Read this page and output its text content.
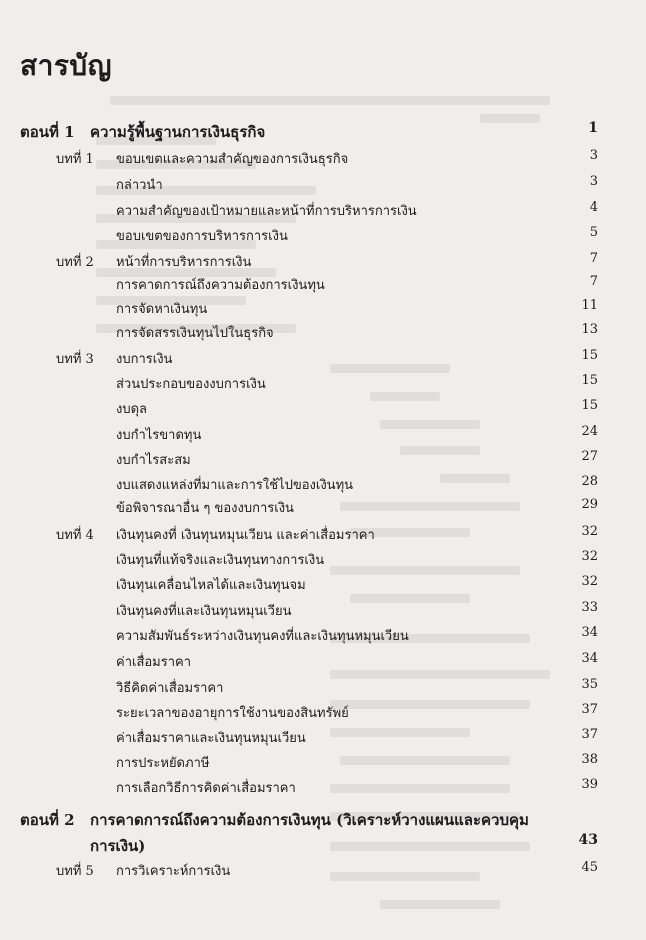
สารบัญ
ตอนที่ 1 ความรู้พื้นฐานการเงินธุรกิจ	1
บทที่ 1 ขอบเขตและความสำคัญของการเงินธุรกิจ	3
กล่าวนำ	3
ความสำคัญของเป้าหมายและหน้าที่การบริหารการเงิน	4
ขอบเขตของการบริหารการเงิน	5
บทที่ 2 หน้าที่การบริหารการเงิน	7
การคาดการณ์ถึงความต้องการเงินทุน	7
การจัดหาเงินทุน	11
การจัดสรรเงินทุนไปในธุรกิจ	13
บทที่ 3 งบการเงิน	15
ส่วนประกอบของงบการเงิน	15
งบดุล	15
งบกำไรขาดทุน	24
งบกำไรสะสม	27
งบแสดงแหล่งที่มาและการใช้ไปของเงินทุน	28
ข้อพิจารณาอื่น ๆ ของงบการเงิน	29
บทที่ 4 เงินทุนคงที่ เงินทุนหมุนเวียน และค่าเสื่อมราคา	32
เงินทุนที่แท้จริงและเงินทุนทางการเงิน	32
เงินทุนเคลื่อนไหลได้และเงินทุนจม	32
เงินทุนคงที่และเงินทุนหมุนเวียน	33
ความสัมพันธ์ระหว่างเงินทุนคงที่และเงินทุนหมุนเวียน	34
ค่าเสื่อมราคา	34
วิธีคิดค่าเสื่อมราคา	35
ระยะเวลาของอายุการใช้งานของสินทรัพย์	37
ค่าเสื่อมราคาและเงินทุนหมุนเวียน	37
การประหยัดภาษี	38
การเลือกวิธีการคิดค่าเสื่อมราคา	39
ตอนที่ 2 การคาดการณ์ถึงความต้องการเงินทุน (วิเคราะห์วางแผนและควบคุม
การเงิน)	43
บทที่ 5 การวิเคราะห์การเงิน	45
